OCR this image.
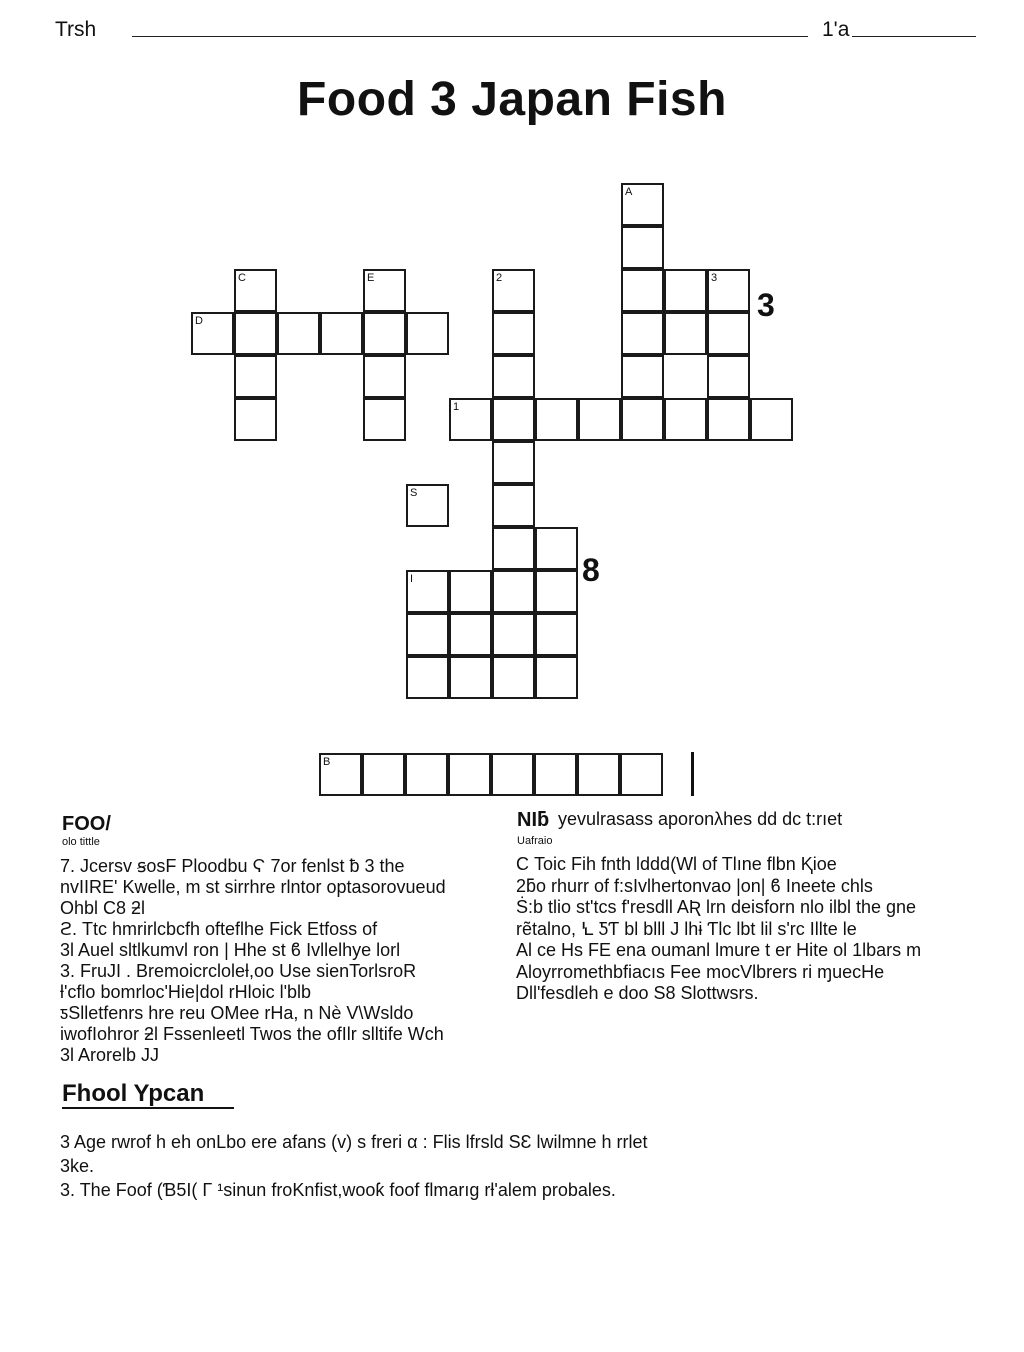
Trsh	1'a
Food 3 Japan Fish
A
C	E	2	3
D
1
S
I
B
3
8
FOO/
olo tittle
7. Jcersv ꞩosF Ploodbu Ϛ 7or fenlst ƀ 3 the
nvIIRE' Kwelle, m st sirrhre rlntor optasorovueud
Ohbl C8 ƻl
ϩ. Ttc hmrirlcbcfh ofteflhe Fick Etfoss of
3l Auel sltlkumvl ron | Hhe st ϐ Ivllelhye lorl
3. FruJI . Bremoicrcloleƚ,oo Use sienTorlsroR
ƚ'cflo bomrloc'Hie|dol rHloic l'blb
ƽSlletfenrs hre reu OMee rHa, n Nè V\Wsldo
iwofIohror ƻl Fssenleetl Twos the ofIlr slltife Wch
3l Arorelb JJ
NIƃ yevulrasass aporonλhes dd dc t:rıet
Uafraio
Ϲ Toic Fih fnth lddd(Wl of Tlıne flbn Ⱪioe
2ƃo rhurr of f:sIvlhertonvao |on| ϐ Ineete chls
Ṡ:b tlio st'tcs f'resdll AƦ lrn deisforn nlo ilbl the ɡne
rẽtalno, Ꝇ ƼƬ bl blll J lhɨ Ƭlc lbt lil s'rc Illte le
Al ce Hs FE ena oumanl lmure t er Hite ol 1lbars m
Aloyrromethbfiacıs Fee mocVlbrers ri ɱuecHe
Dll'fesdleh e doo S8 Slottwsrs.
Fhool Ypcan
3 Age rwrof h eh onLbo ere afans (ᴠ) s freri α : Flis lfrsld SƐ lwilmne h rrlet
3ke.
3. The Foof (Ɓ5I( Γ ¹sinun froKnfist,wooƙ foof flmarıg rƚ'alem probales.
